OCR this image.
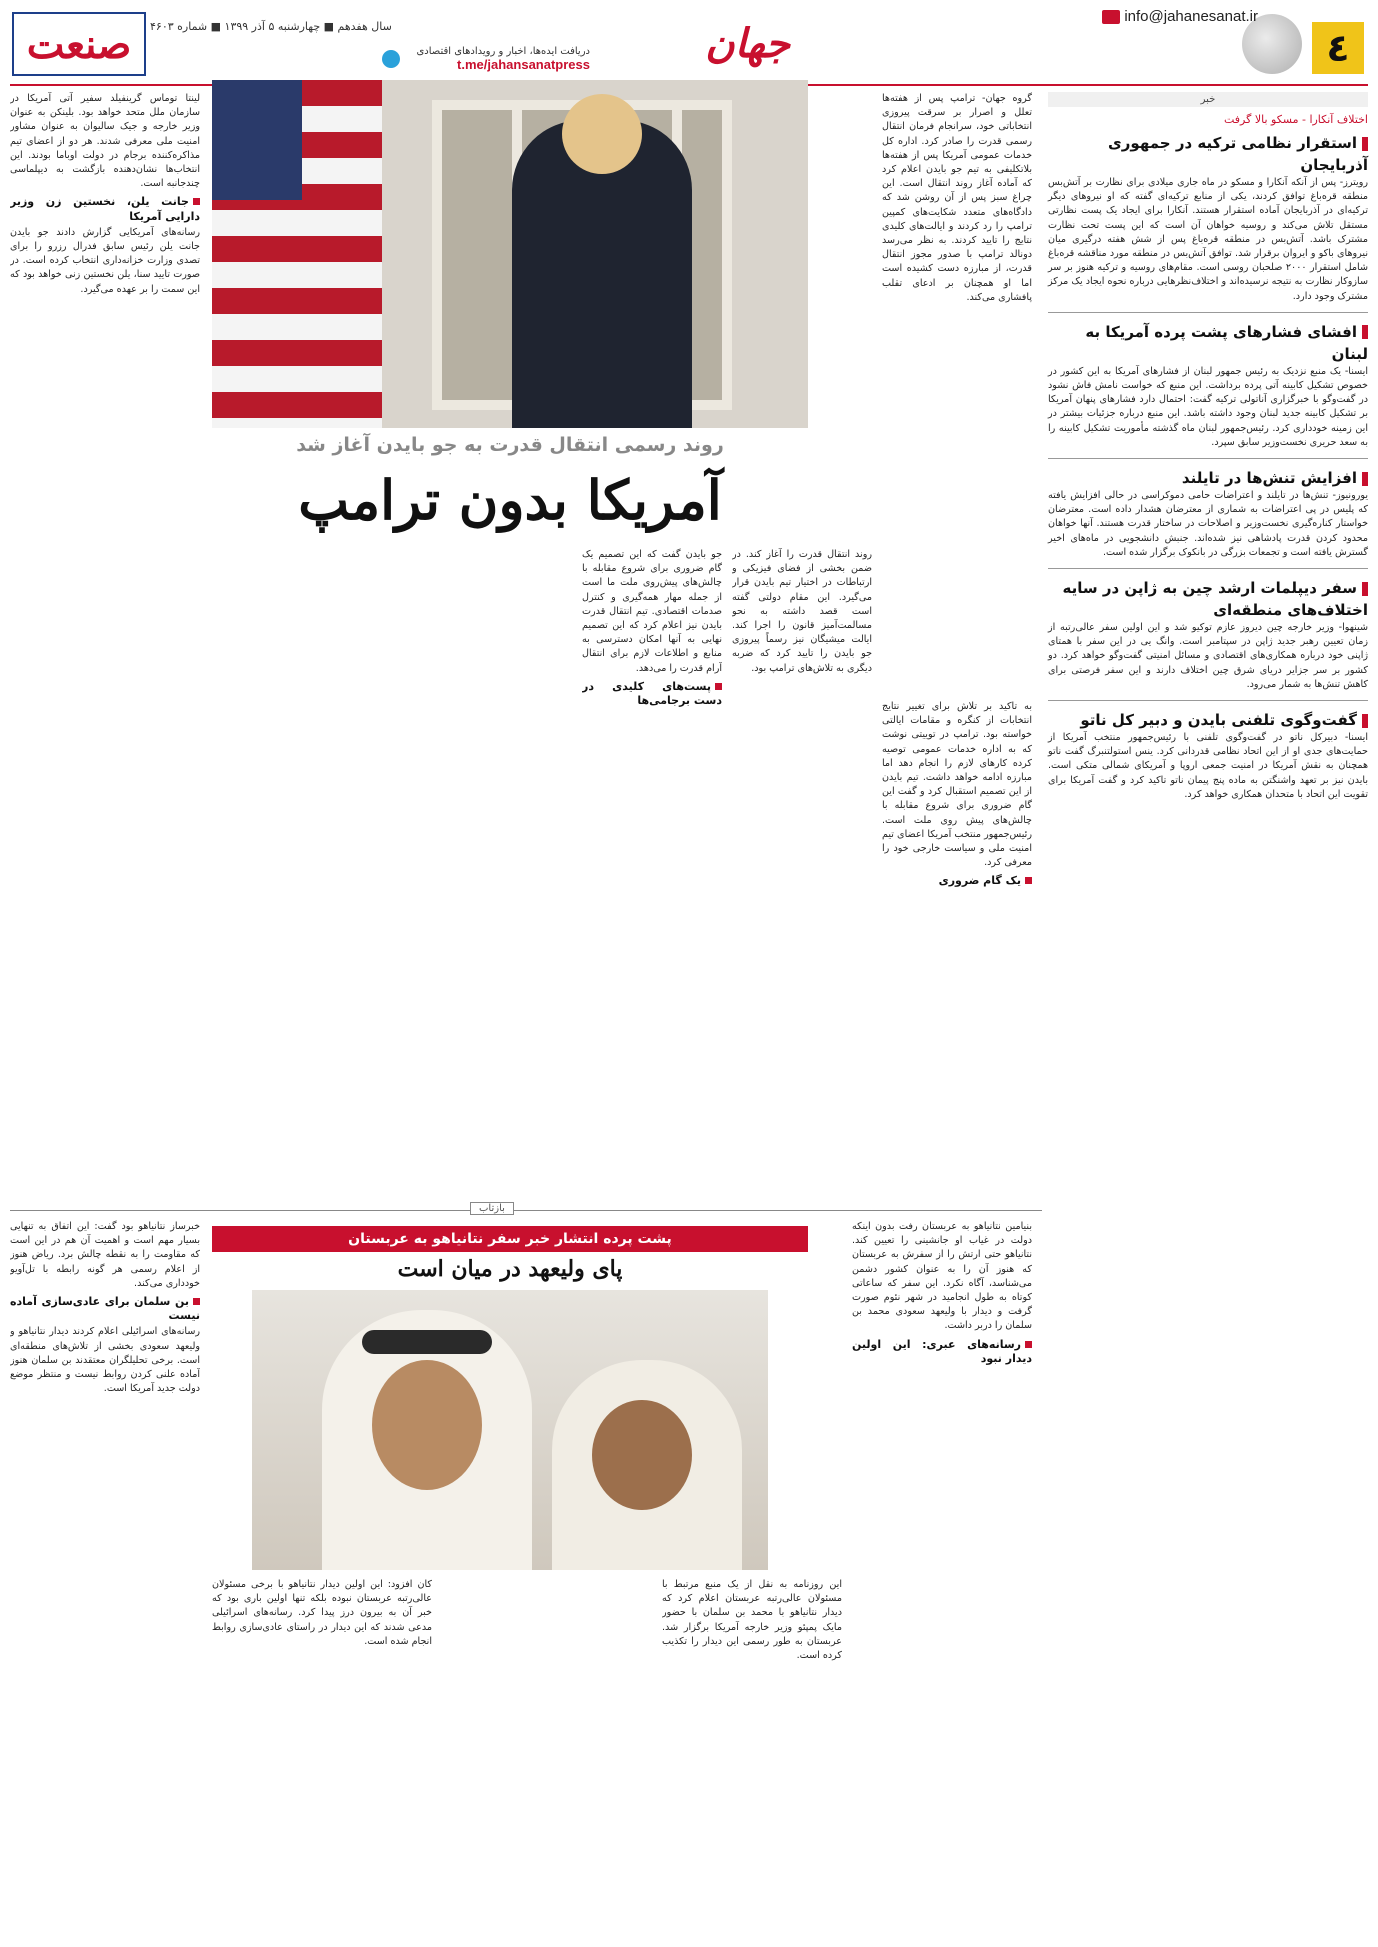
٤
info@jahanesanat.ir
جهان
دریافت ایده‌ها، اخبار و رویدادهای اقتصادی
t.me/jahansanatpress
سال هفدهم ■ چهارشنبه ۵ آذر ۱۳۹۹ ■ شماره ۴۶۰۳
صنعت
خبر
اختلاف آنکارا - مسکو بالا گرفت
استقرار نظامی ترکیه در جمهوری آذربایجان
رویترز- پس از آنکه آنکارا و مسکو در ماه جاری میلادی برای نظارت بر آتش‌بس منطقه قره‌باغ توافق کردند، یکی از منابع ترکیه‌ای گفته که او نیروهای دیگر ترکیه‌ای در آذربایجان آماده استقرار هستند. آنکارا برای ایجاد یک پست نظارتی مستقل تلاش می‌کند و روسیه خواهان آن است که این پست تحت نظارت مشترک باشد. آتش‌بس در منطقه قره‌باغ پس از شش هفته درگیری میان نیروهای باکو و ایروان برقرار شد. توافق آتش‌بس در منطقه مورد مناقشه قره‌باغ شامل استقرار ۲۰۰۰ صلحبان روسی است. مقام‌های روسیه و ترکیه هنوز بر سر سازوکار نظارت به نتیجه نرسیده‌اند و اختلاف‌نظرهایی درباره نحوه ایجاد یک مرکز مشترک وجود دارد.
افشای فشارهای پشت پرده آمریکا به لبنان
ایسنا- یک منبع نزدیک به رئیس جمهور لبنان از فشارهای آمریکا به این کشور در خصوص تشکیل کابینه آتی پرده برداشت. این منبع که خواست نامش فاش نشود در گفت‌وگو با خبرگزاری آناتولی ترکیه گفت: احتمال دارد فشارهای پنهان آمریکا بر تشکیل کابینه جدید لبنان وجود داشته باشد. این منبع درباره جزئیات بیشتر در این زمینه خودداری کرد. رئیس‌جمهور لبنان ماه گذشته مأموریت تشکیل کابینه را به سعد حریری نخست‌وزیر سابق سپرد.
افزایش تنش‌ها در تایلند
یورونیوز- تنش‌ها در تایلند و اعتراضات حامی دموکراسی در حالی افزایش یافته که پلیس در پی اعتراضات به شماری از معترضان هشدار داده است. معترضان خواستار کناره‌گیری نخست‌وزیر و اصلاحات در ساختار قدرت هستند. آنها خواهان محدود کردن قدرت پادشاهی نیز شده‌اند. جنبش دانشجویی در ماه‌های اخیر گسترش یافته است و تجمعات بزرگی در بانکوک برگزار شده است.
سفر دیپلمات ارشد چین به ژاپن در سایه اختلاف‌های منطقه‌ای
شینهوا- وزیر خارجه چین دیروز عازم توکیو شد و این اولین سفر عالی‌رتبه از زمان تعیین رهبر جدید ژاپن در سپتامبر است. وانگ یی در این سفر با همتای ژاپنی خود درباره همکاری‌های اقتصادی و مسائل امنیتی گفت‌وگو خواهد کرد. دو کشور بر سر جزایر دریای شرق چین اختلاف دارند و این سفر فرصتی برای کاهش تنش‌ها به شمار می‌رود.
گفت‌وگوی تلفنی بایدن و دبیر کل ناتو
ایسنا- دبیرکل ناتو در گفت‌وگوی تلفنی با رئیس‌جمهور منتخب آمریکا از حمایت‌های جدی او از این اتحاد نظامی قدردانی کرد. ینس استولتنبرگ گفت ناتو همچنان به نقش آمریکا در امنیت جمعی اروپا و آمریکای شمالی متکی است. بایدن نیز بر تعهد واشنگتن به ماده پنج پیمان ناتو تاکید کرد و گفت آمریکا برای تقویت این اتحاد با متحدان همکاری خواهد کرد.

گروه جهان- ترامپ پس از هفته‌ها تعلل و اصرار بر سرقت پیروزی انتخاباتی خود، سرانجام فرمان انتقال رسمی قدرت را صادر کرد. اداره کل خدمات عمومی آمریکا پس از هفته‌ها بلاتکلیفی به تیم جو بایدن اعلام کرد که آماده آغاز روند انتقال است. این چراغ سبز پس از آن روشن شد که دادگاه‌های متعدد شکایت‌های کمپین ترامپ را رد کردند و ایالت‌های کلیدی نتایج را تایید کردند. به نظر می‌رسد دونالد ترامپ با صدور مجوز انتقال قدرت، از مبارزه دست کشیده است اما او همچنان بر ادعای تقلب پافشاری می‌کند.

روند رسمی انتقال قدرت به جو بایدن آغاز شد
آمریکا بدون ترامپ

به تاکید بر تلاش برای تغییر نتایج انتخابات از کنگره و مقامات ایالتی خواسته بود. ترامپ در توییتی نوشت که به اداره خدمات عمومی توصیه کرده کارهای لازم را انجام دهد اما مبارزه ادامه خواهد داشت. تیم بایدن از این تصمیم استقبال کرد و گفت این گام ضروری برای شروع مقابله با چالش‌های پیش روی ملت است. رئیس‌جمهور منتخب آمریکا اعضای تیم امنیت ملی و سیاست خارجی خود را معرفی کرد.

یک گام ضروری

روند انتقال قدرت را آغاز کند. در ضمن بخشی از فضای فیزیکی و ارتباطات در اختیار تیم بایدن قرار می‌گیرد. این مقام دولتی گفته است قصد داشته به نحو مسالمت‌آمیز قانون را اجرا کند. ایالت میشیگان نیز رسماً پیروزی جو بایدن را تایید کرد که ضربه دیگری به تلاش‌های ترامپ بود.

جو بایدن گفت که این تصمیم یک گام ضروری برای شروع مقابله با چالش‌های پیش‌روی ملت ما است از جمله مهار همه‌گیری و کنترل صدمات اقتصادی. تیم انتقال قدرت بایدن نیز اعلام کرد که این تصمیم نهایی به آنها امکان دسترسی به منابع و اطلاعات لازم برای انتقال آرام قدرت را می‌دهد.

پست‌های کلیدی در دست برجامی‌ها

لینتا توماس گرینفیلد سفیر آتی آمریکا در سازمان ملل متحد خواهد بود. بلینکن به عنوان وزیر خارجه و جیک سالیوان به عنوان مشاور امنیت ملی معرفی شدند. هر دو از اعضای تیم مذاکره‌کننده برجام در دولت اوباما بودند. این انتخاب‌ها نشان‌دهنده بازگشت به دیپلماسی چندجانبه است.

جانت یلن، نخستین زن وزیر دارایی آمریکا

رسانه‌های آمریکایی گزارش دادند جو بایدن جانت یلن رئیس سابق فدرال رزرو را برای تصدی وزارت خزانه‌داری انتخاب کرده است. در صورت تایید سنا، یلن نخستین زنی خواهد بود که این سمت را بر عهده می‌گیرد.

بازتاب
پشت پرده انتشار خبر سفر نتانیاهو به عربستان
پای ولیعهد در میان است

بنیامین نتانیاهو به عربستان رفت بدون اینکه دولت در غیاب او جانشینی را تعیین کند. نتانیاهو حتی ارتش را از سفرش به عربستان که هنوز آن را به عنوان کشور دشمن می‌شناسد، آگاه نکرد. این سفر که ساعاتی کوتاه به طول انجامید در شهر نئوم صورت گرفت و دیدار با ولیعهد سعودی محمد بن سلمان را دربر داشت.

رسانه‌های عبری: این اولین دیدار نبود

این روزنامه به نقل از یک منبع مرتبط با مسئولان عالی‌رتبه عربستان اعلام کرد که دیدار نتانیاهو با محمد بن سلمان با حضور مایک پمپئو وزیر خارجه آمریکا برگزار شد. عربستان به طور رسمی این دیدار را تکذیب کرده است.

کان افزود: این اولین دیدار نتانیاهو با برخی مسئولان عالی‌رتبه عربستان نبوده بلکه تنها اولین باری بود که خبر آن به بیرون درز پیدا کرد. رسانه‌های اسرائیلی مدعی شدند که این دیدار در راستای عادی‌سازی روابط انجام شده است.

خبرساز نتانیاهو بود گفت: این اتفاق به تنهایی بسیار مهم است و اهمیت آن هم در این است که مقاومت را به نقطه چالش برد. ریاض هنوز از اعلام رسمی هر گونه رابطه با تل‌آویو خودداری می‌کند.

بن سلمان برای عادی‌سازی آماده نیست

رسانه‌های اسرائیلی اعلام کردند دیدار نتانیاهو و ولیعهد سعودی بخشی از تلاش‌های منطقه‌ای است. برخی تحلیلگران معتقدند بن سلمان هنوز آماده علنی کردن روابط نیست و منتظر موضع دولت جدید آمریکا است.
